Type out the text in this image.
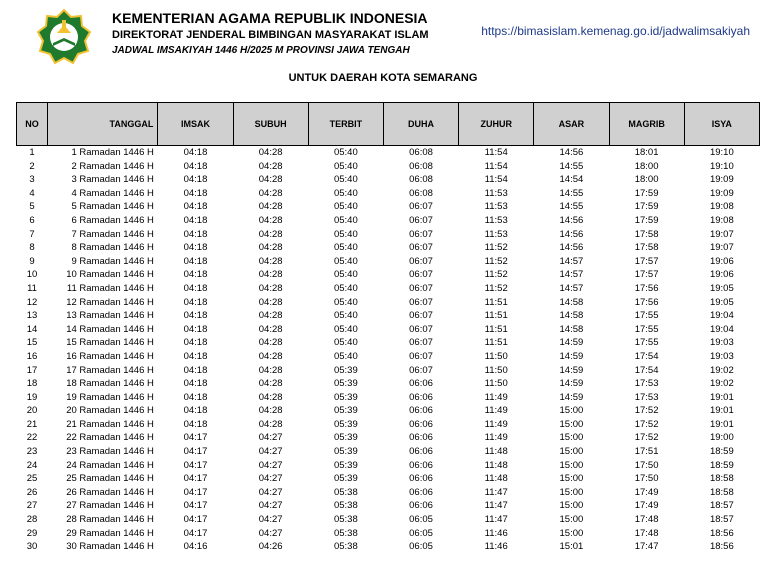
KEMENTERIAN AGAMA REPUBLIK INDONESIA
DIREKTORAT JENDERAL BIMBINGAN MASYARAKAT ISLAM
JADWAL IMSAKIYAH 1446 H/2025 M PROVINSI JAWA TENGAH
https://bimasislam.kemenag.go.id/jadwalimsakiyah
UNTUK DAERAH KOTA SEMARANG
NO	TANGGAL	IMSAK	SUBUH	TERBIT	DUHA	ZUHUR	ASAR	MAGRIB	ISYA
1	1 Ramadan 1446 H	04:18	04:28	05:40	06:08	11:54	14:56	18:01	19:10
2	2 Ramadan 1446 H	04:18	04:28	05:40	06:08	11:54	14:55	18:00	19:10
3	3 Ramadan 1446 H	04:18	04:28	05:40	06:08	11:54	14:54	18:00	19:09
4	4 Ramadan 1446 H	04:18	04:28	05:40	06:08	11:53	14:55	17:59	19:09
5	5 Ramadan 1446 H	04:18	04:28	05:40	06:07	11:53	14:55	17:59	19:08
6	6 Ramadan 1446 H	04:18	04:28	05:40	06:07	11:53	14:56	17:59	19:08
7	7 Ramadan 1446 H	04:18	04:28	05:40	06:07	11:53	14:56	17:58	19:07
8	8 Ramadan 1446 H	04:18	04:28	05:40	06:07	11:52	14:56	17:58	19:07
9	9 Ramadan 1446 H	04:18	04:28	05:40	06:07	11:52	14:57	17:57	19:06
10	10 Ramadan 1446 H	04:18	04:28	05:40	06:07	11:52	14:57	17:57	19:06
11	11 Ramadan 1446 H	04:18	04:28	05:40	06:07	11:52	14:57	17:56	19:05
12	12 Ramadan 1446 H	04:18	04:28	05:40	06:07	11:51	14:58	17:56	19:05
13	13 Ramadan 1446 H	04:18	04:28	05:40	06:07	11:51	14:58	17:55	19:04
14	14 Ramadan 1446 H	04:18	04:28	05:40	06:07	11:51	14:58	17:55	19:04
15	15 Ramadan 1446 H	04:18	04:28	05:40	06:07	11:51	14:59	17:55	19:03
16	16 Ramadan 1446 H	04:18	04:28	05:40	06:07	11:50	14:59	17:54	19:03
17	17 Ramadan 1446 H	04:18	04:28	05:39	06:07	11:50	14:59	17:54	19:02
18	18 Ramadan 1446 H	04:18	04:28	05:39	06:06	11:50	14:59	17:53	19:02
19	19 Ramadan 1446 H	04:18	04:28	05:39	06:06	11:49	14:59	17:53	19:01
20	20 Ramadan 1446 H	04:18	04:28	05:39	06:06	11:49	15:00	17:52	19:01
21	21 Ramadan 1446 H	04:18	04:28	05:39	06:06	11:49	15:00	17:52	19:01
22	22 Ramadan 1446 H	04:17	04:27	05:39	06:06	11:49	15:00	17:52	19:00
23	23 Ramadan 1446 H	04:17	04:27	05:39	06:06	11:48	15:00	17:51	18:59
24	24 Ramadan 1446 H	04:17	04:27	05:39	06:06	11:48	15:00	17:50	18:59
25	25 Ramadan 1446 H	04:17	04:27	05:39	06:06	11:48	15:00	17:50	18:58
26	26 Ramadan 1446 H	04:17	04:27	05:38	06:06	11:47	15:00	17:49	18:58
27	27 Ramadan 1446 H	04:17	04:27	05:38	06:06	11:47	15:00	17:49	18:57
28	28 Ramadan 1446 H	04:17	04:27	05:38	06:05	11:47	15:00	17:48	18:57
29	29 Ramadan 1446 H	04:17	04:27	05:38	06:05	11:46	15:00	17:48	18:56
30	30 Ramadan 1446 H	04:16	04:26	05:38	06:05	11:46	15:01	17:47	18:56
